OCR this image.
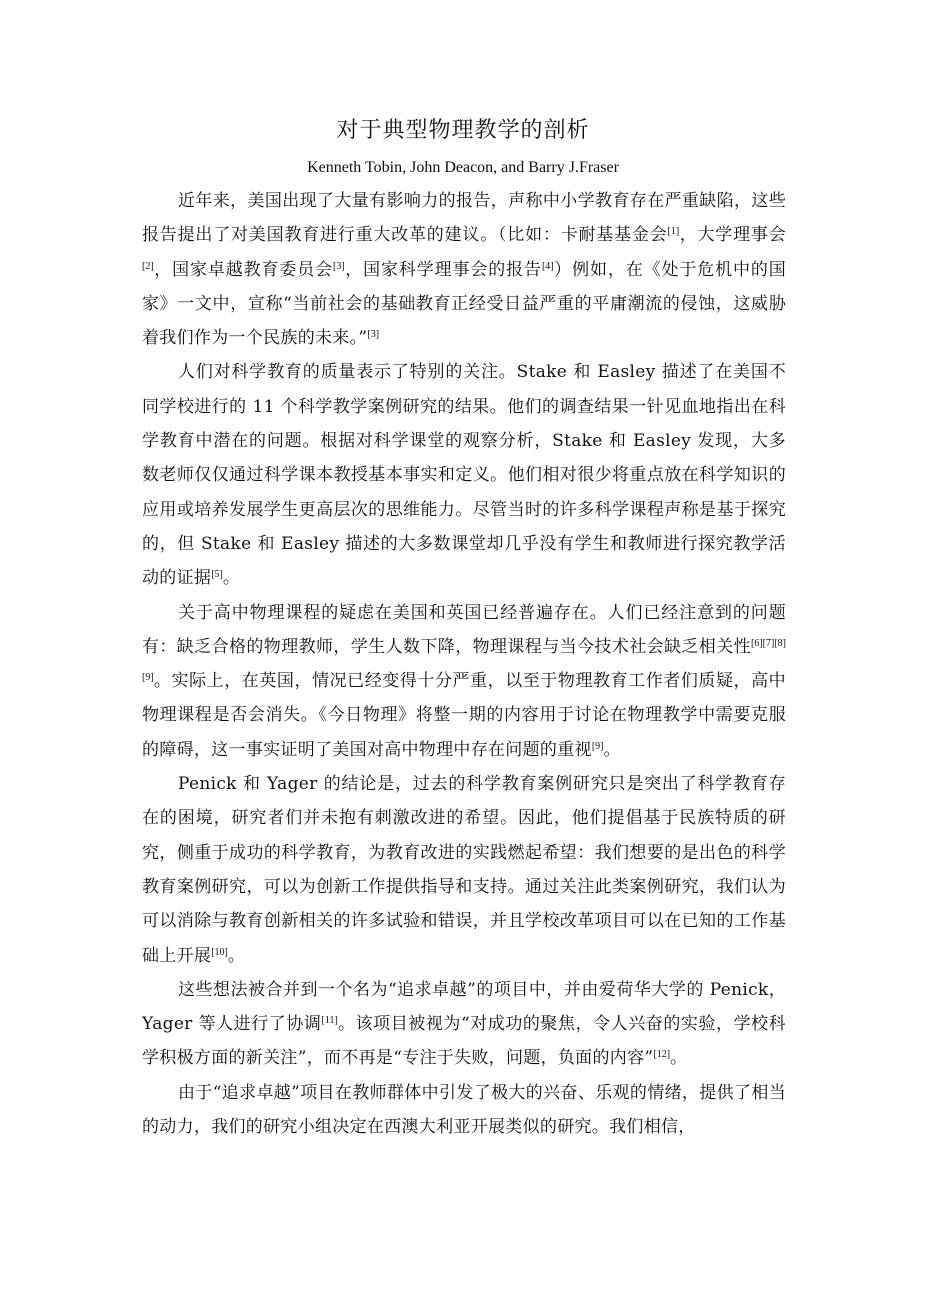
对于典型物理教学的剖析
Kenneth Tobin, John Deacon, and Barry J.Fraser

近年来，美国出现了大量有影响力的报告，声称中小学教育存在严重缺陷，这些报告提出了对美国教育进行重大改革的建议。（比如：卡耐基基金会[1]，大学理事会[2]，国家卓越教育委员会[3]，国家科学理事会的报告[4]）例如，在《处于危机中的国家》一文中，宣称“当前社会的基础教育正经受日益严重的平庸潮流的侵蚀，这威胁着我们作为一个民族的未来。”[3]

人们对科学教育的质量表示了特别的关注。Stake 和 Easley 描述了在美国不同学校进行的 11 个科学教学案例研究的结果。他们的调查结果一针见血地指出在科学教育中潜在的问题。根据对科学课堂的观察分析，Stake 和 Easley 发现，大多数老师仅仅通过科学课本教授基本事实和定义。他们相对很少将重点放在科学知识的应用或培养发展学生更高层次的思维能力。尽管当时的许多科学课程声称是基于探究的，但 Stake 和 Easley 描述的大多数课堂却几乎没有学生和教师进行探究教学活动的证据[5]。

关于高中物理课程的疑虑在美国和英国已经普遍存在。人们已经注意到的问题有：缺乏合格的物理教师，学生人数下降，物理课程与当今技术社会缺乏相关性[6][7][8][9]。实际上，在英国，情况已经变得十分严重，以至于物理教育工作者们质疑，高中物理课程是否会消失。《今日物理》将整一期的内容用于讨论在物理教学中需要克服的障碍，这一事实证明了美国对高中物理中存在问题的重视[9]。

Penick 和 Yager 的结论是，过去的科学教育案例研究只是突出了科学教育存在的困境，研究者们并未抱有刺激改进的希望。因此，他们提倡基于民族特质的研究，侧重于成功的科学教育，为教育改进的实践燃起希望：我们想要的是出色的科学教育案例研究，可以为创新工作提供指导和支持。通过关注此类案例研究，我们认为可以消除与教育创新相关的许多试验和错误，并且学校改革项目可以在已知的工作基础上开展[10]。

这些想法被合并到一个名为“追求卓越”的项目中，并由爱荷华大学的 Penick，Yager 等人进行了协调[11]。该项目被视为“对成功的聚焦，令人兴奋的实验，学校科学积极方面的新关注”，而不再是“专注于失败，问题，负面的内容”[12]。

由于“追求卓越”项目在教师群体中引发了极大的兴奋、乐观的情绪，提供了相当的动力，我们的研究小组决定在西澳大利亚开展类似的研究。我们相信，
